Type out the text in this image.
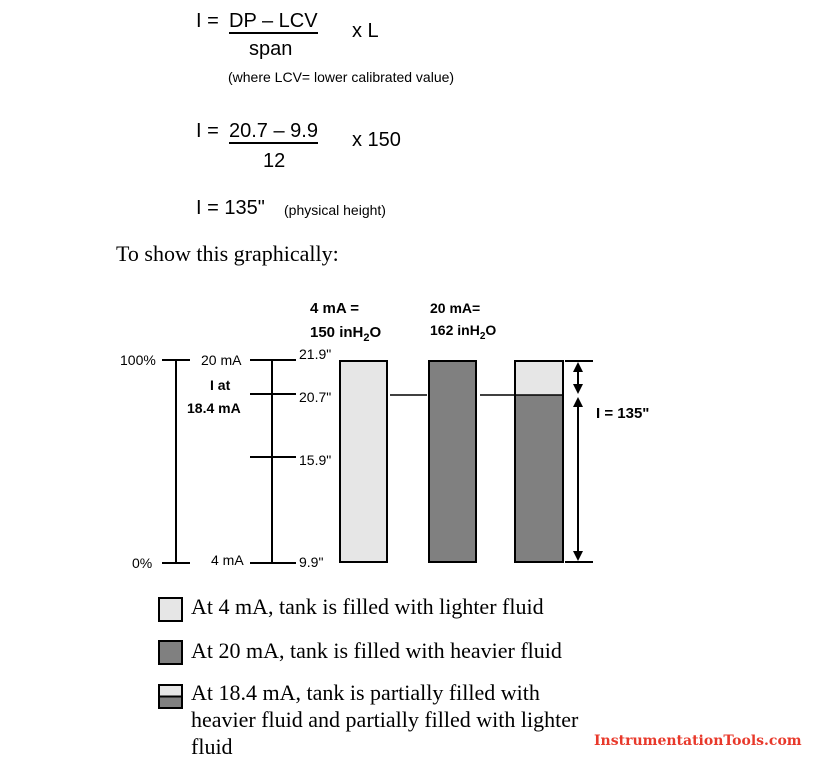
I = DP – LCV
span
x L
(where LCV= lower calibrated value)
I = 20.7 – 9.9
12
x 150
I = 135" (physical height)
To show this graphically:
4 mA =
150 inH$_2$O
20 mA=
162 inH$_2$O
100%
0%
20 mA
4 mA
I at
18.4 mA
21.9"
20.7"
15.9"
9.9"
I = 135"
At 4 mA, tank is filled with lighter fluid
At 20 mA, tank is filled with heavier fluid
At 18.4 mA, tank is partially filled with
heavier fluid and partially filled with lighter
fluid	InstrumentationTools.com
